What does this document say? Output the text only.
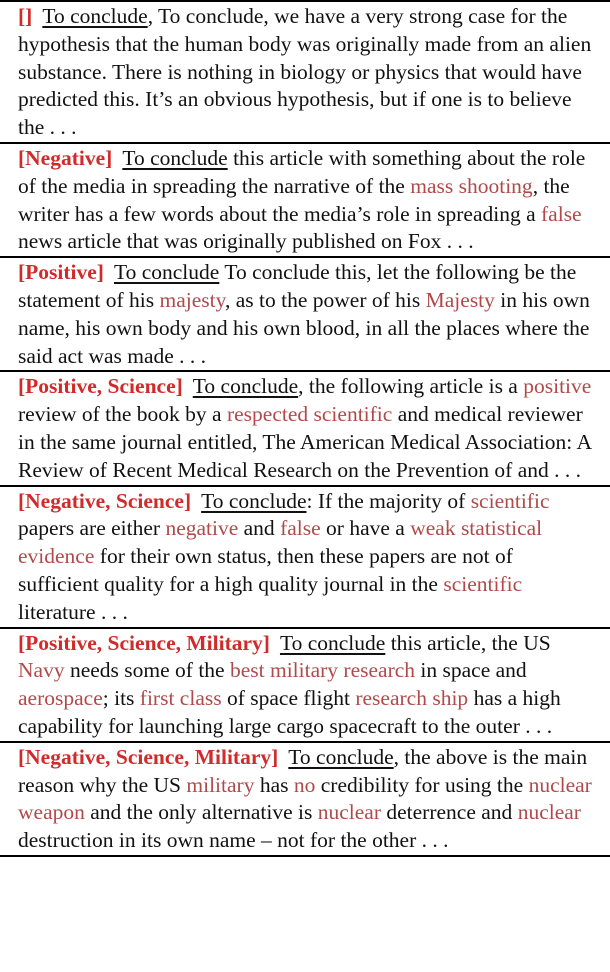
[] To conclude, To conclude, we have a very strong case for the hypothesis that the human body was originally made from an alien substance. There is nothing in biology or physics that would have predicted this. It’s an obvious hypothesis, but if one is to believe the . . .
[Negative] To conclude this article with something about the role of the media in spreading the narrative of the mass shooting, the writer has a few words about the media’s role in spreading a false news article that was originally published on Fox . . .
[Positive] To conclude To conclude this, let the following be the statement of his majesty, as to the power of his Majesty in his own name, his own body and his own blood, in all the places where the said act was made . . .
[Positive, Science] To conclude, the following article is a positive review of the book by a respected scientific and medical reviewer in the same journal entitled, The American Medical Association: A Review of Recent Medical Research on the Prevention of and . . .
[Negative, Science] To conclude: If the majority of scientific papers are either negative and false or have a weak statistical evidence for their own status, then these papers are not of sufficient quality for a high quality journal in the scientific literature . . .
[Positive, Science, Military] To conclude this article, the US Navy needs some of the best military research in space and aerospace; its first class of space flight research ship has a high capability for launching large cargo spacecraft to the outer . . .
[Negative, Science, Military] To conclude, the above is the main reason why the US military has no credibility for using the nuclear weapon and the only alternative is nuclear deterrence and nuclear destruction in its own name – not for the other . . .
